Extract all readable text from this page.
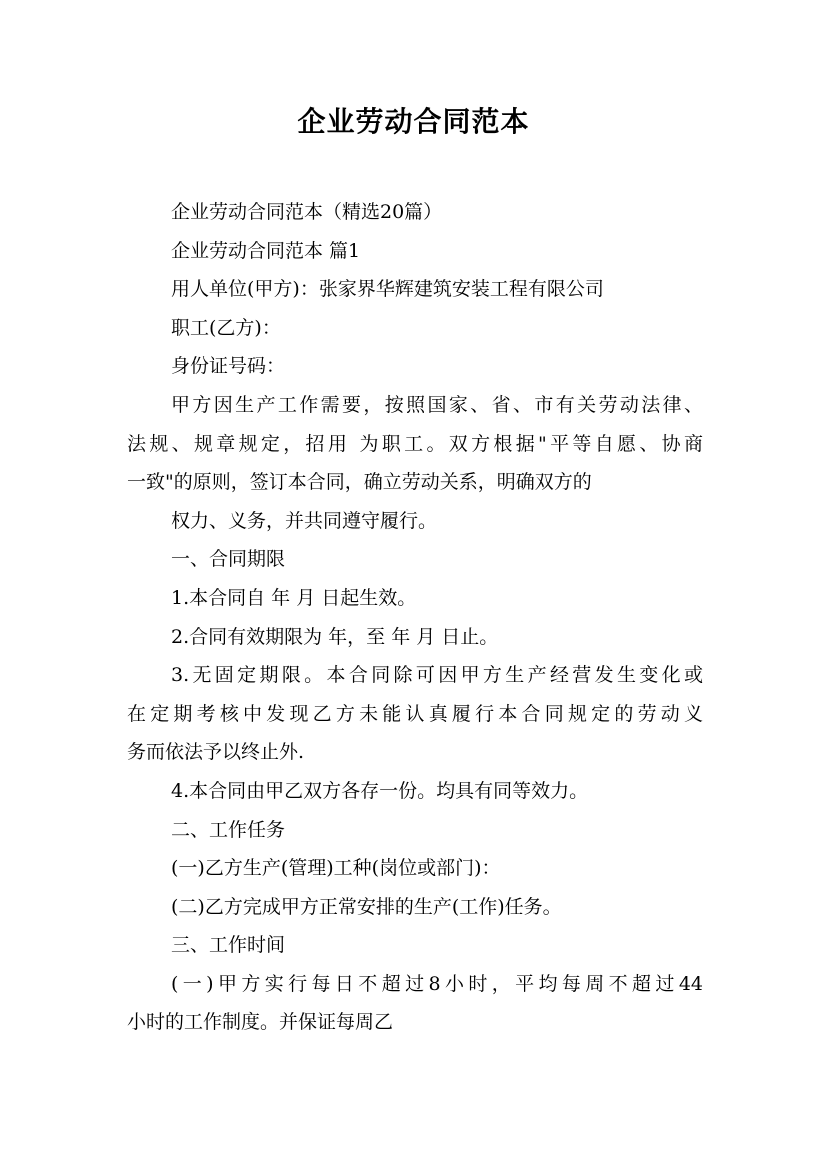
企业劳动合同范本
企业劳动合同范本（精选20篇）
企业劳动合同范本 篇1
用人单位(甲方)：张家界华辉建筑安装工程有限公司
职工(乙方)：
身份证号码：
甲方因生产工作需要，按照国家、省、市有关劳动法律、
法规、规章规定，招用 为职工。双方根据"平等自愿、协商
一致"的原则，签订本合同，确立劳动关系，明确双方的
权力、义务，并共同遵守履行。
一、合同期限
1.本合同自 年 月 日起生效。
2.合同有效期限为 年，至 年 月 日止。
3.无固定期限。本合同除可因甲方生产经营发生变化或
在定期考核中发现乙方未能认真履行本合同规定的劳动义
务而依法予以终止外.
4.本合同由甲乙双方各存一份。均具有同等效力。
二、工作任务
(一)乙方生产(管理)工种(岗位或部门)：
(二)乙方完成甲方正常安排的生产(工作)任务。
三、工作时间
(一)甲方实行每日不超过8小时，平均每周不超过44
小时的工作制度。并保证每周乙
